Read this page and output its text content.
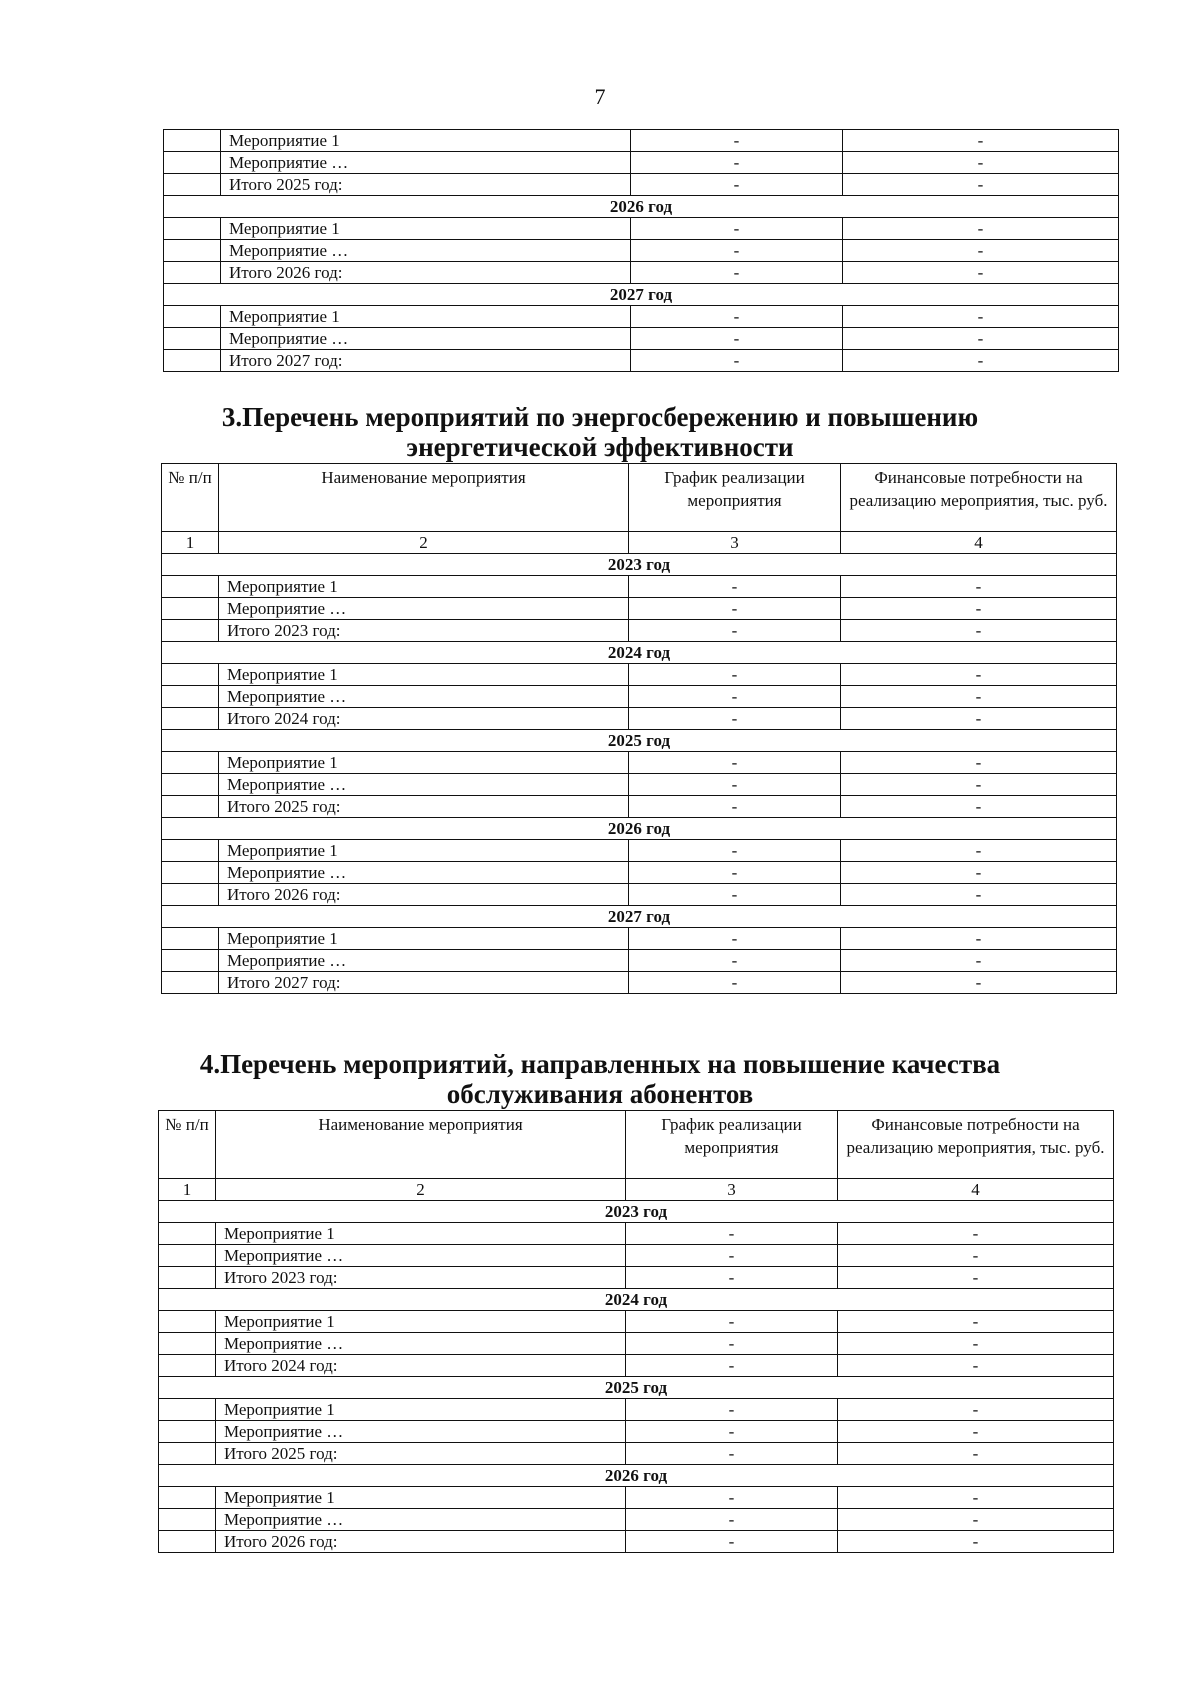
7
	Мероприятие 1	-	-
	Мероприятие …	-	-
	Итого 2025 год:	-	-
2026 год			
	Мероприятие 1	-	-
	Мероприятие …	-	-
	Итого 2026 год:	-	-
2027 год			
	Мероприятие 1	-	-
	Мероприятие …	-	-
	Итого 2027 год:	-	-
3.Перечень мероприятий по энергосбережению и повышению
энергетической эффективности
№ п/п	Наименование мероприятия	График реализации мероприятия	Финансовые потребности на реализацию мероприятия, тыс. руб.
1	2	3	4
2023 год			
	Мероприятие 1	-	-
	Мероприятие …	-	-
	Итого 2023 год:	-	-
2024 год			
	Мероприятие 1	-	-
	Мероприятие …	-	-
	Итого 2024 год:	-	-
2025 год			
	Мероприятие 1	-	-
	Мероприятие …	-	-
	Итого 2025 год:	-	-
2026 год			
	Мероприятие 1	-	-
	Мероприятие …	-	-
	Итого 2026 год:	-	-
2027 год			
	Мероприятие 1	-	-
	Мероприятие …	-	-
	Итого 2027 год:	-	-
4.Перечень мероприятий, направленных на повышение качества
обслуживания абонентов
№ п/п	Наименование мероприятия	График реализации мероприятия	Финансовые потребности на реализацию мероприятия, тыс. руб.
1	2	3	4
2023 год			
	Мероприятие 1	-	-
	Мероприятие …	-	-
	Итого 2023 год:	-	-
2024 год			
	Мероприятие 1	-	-
	Мероприятие …	-	-
	Итого 2024 год:	-	-
2025 год			
	Мероприятие 1	-	-
	Мероприятие …	-	-
	Итого 2025 год:	-	-
2026 год			
	Мероприятие 1	-	-
	Мероприятие …	-	-
	Итого 2026 год:	-	-
